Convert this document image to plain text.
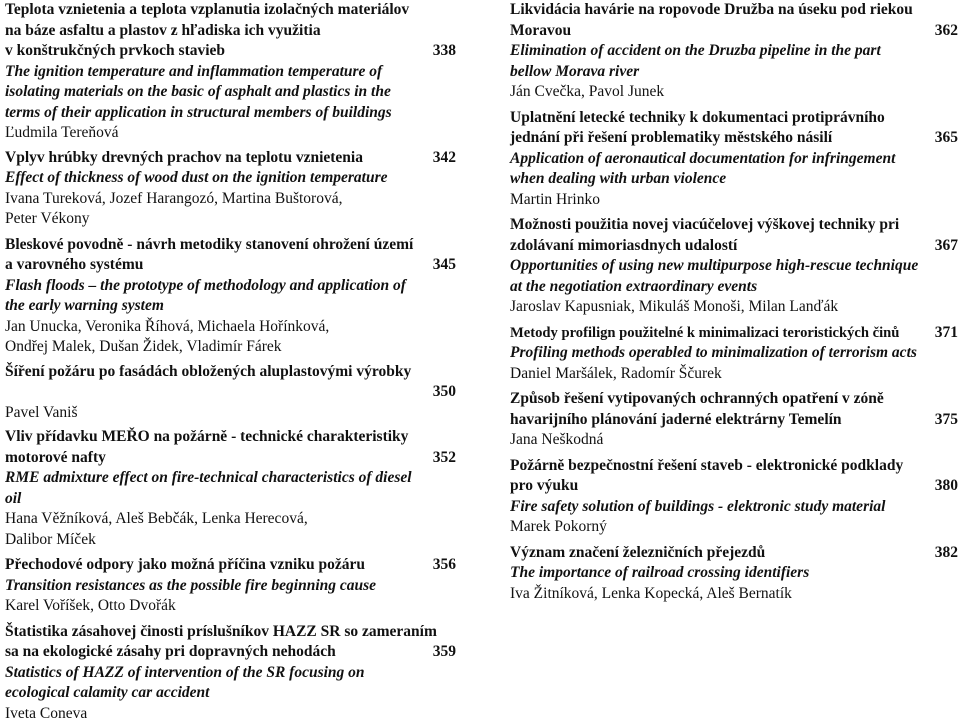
Teplota vznietenia a teplota vzplanutia izolačných materiálov
na báze asfaltu a plastov z hľadiska ich využitia
v konštrukčných prvkoch stavieb	338
The ignition temperature and inflammation temperature of
isolating materials on the basic of asphalt and plastics in the
terms of their application in structural members of buildings
Ľudmila Tereňová
Vplyv hrúbky drevných prachov na teplotu vznietenia	342
Effect of thickness of wood dust on the ignition temperature
Ivana Tureková, Jozef Harangozó, Martina Buštorová,
Peter Vékony
Bleskové povodně - návrh metodiky stanovení ohrožení území
a varovného systému	345
Flash floods – the prototype of methodology and application of
the early warning system
Jan Unucka, Veronika Říhová, Michaela Hořínková,
Ondřej Malek, Dušan Židek, Vladimír Fárek
Šíření požáru po fasádách obložených aluplastovými výrobky
350
Pavel Vaniš
Vliv přídavku MEŘO na požárně - technické charakteristiky
motorové nafty	352
RME admixture effect on fire-technical characteristics of diesel
oil
Hana Věžníková, Aleš Bebčák, Lenka Herecová,
Dalibor Míček
Přechodové odpory jako možná příčina vzniku požáru	356
Transition resistances as the possible fire beginning cause
Karel Voříšek, Otto Dvořák
Štatistika zásahovej činosti príslušníkov HAZZ SR so zameraním
sa na ekologické zásahy pri dopravných nehodách	359
Statistics of HAZZ of intervention of the SR focusing on
ecological calamity car accident
Iveta Coneva
Likvidácia havárie na ropovode Družba na úseku pod riekou
Moravou	362
Elimination of accident on the Druzba pipeline in the part
bellow Morava river
Ján Cvečka, Pavol Junek
Uplatnění letecké techniky k dokumentaci protiprávního
jednání při řešení problematiky městského násilí	365
Application of aeronautical documentation for infringement
when dealing with urban violence
Martin Hrinko
Možnosti použitia novej viacúčelovej výškovej techniky pri
zdolávaní mimoriasdnych udalostí	367
Opportunities of using new multipurpose high-rescue technique
at the negotiation extraordinary events
Jaroslav Kapusniak, Mikuláš Monoši, Milan Lanďák
Metody profilign použitelné k minimalizaci teroristických činů 371
Profiling methods operabled to minimalization of terrorism acts
Daniel Maršálek, Radomír Ščurek
Způsob řešení vytipovaných ochranných opatření v zóně
havarijního plánování jaderné elektrárny Temelín	375
Jana Neškodná
Požárně bezpečnostní řešení staveb - elektronické podklady
pro výuku	380
Fire safety solution of buildings - elektronic study material
Marek Pokorný
Význam značení železničních přejezdů	382
The importance of railroad crossing identifiers
Iva Žitníková, Lenka Kopecká, Aleš Bernatík
